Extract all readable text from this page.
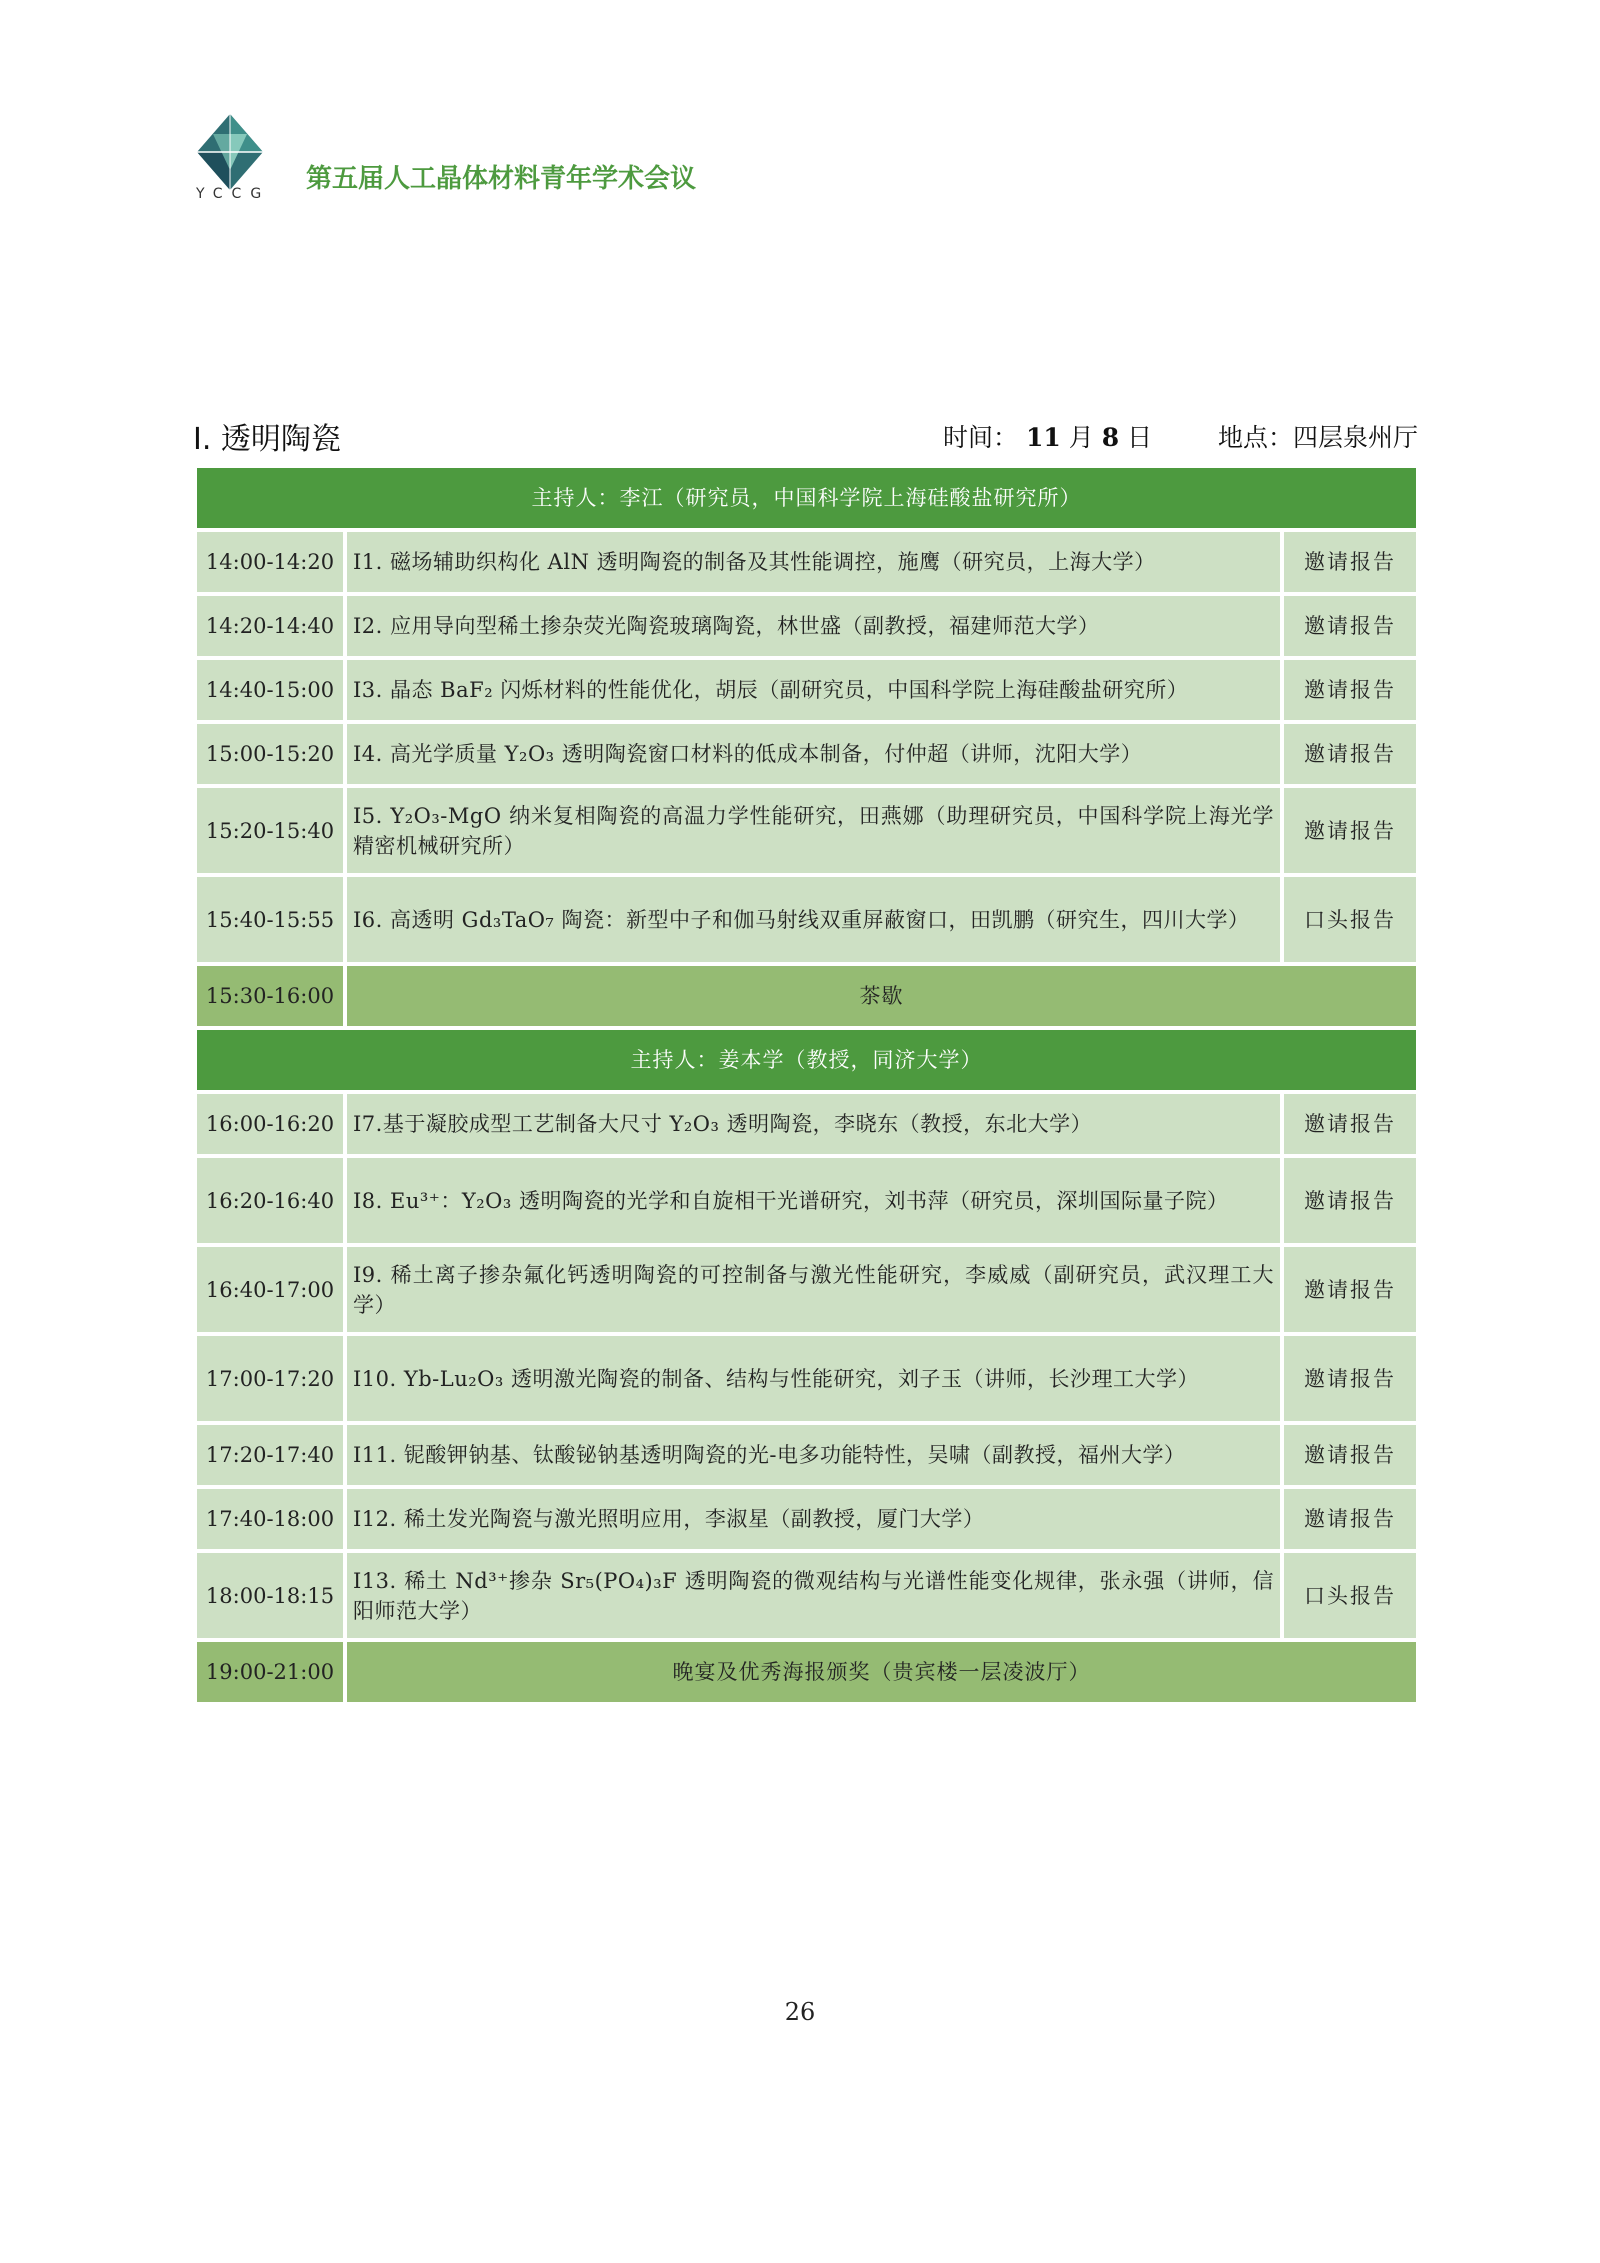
YCCG	第五届人工晶体材料青年学术会议
I. 透明陶瓷	时间： 11 月 8 日	地点：四层泉州厅
主持人：李江（研究员，中国科学院上海硅酸盐研究所）		
14:00-14:20	I1. 磁场辅助织构化 AlN 透明陶瓷的制备及其性能调控，施鹰（研究员，上海大学）	邀请报告
14:20-14:40	I2. 应用导向型稀土掺杂荧光陶瓷玻璃陶瓷，林世盛（副教授，福建师范大学）	邀请报告
14:40-15:00	I3. 晶态 BaF₂ 闪烁材料的性能优化，胡辰（副研究员，中国科学院上海硅酸盐研究所）	邀请报告
15:00-15:20	I4. 高光学质量 Y₂O₃ 透明陶瓷窗口材料的低成本制备，付仲超（讲师，沈阳大学）	邀请报告
15:20-15:40	I5. Y₂O₃-MgO 纳米复相陶瓷的高温力学性能研究，田燕娜（助理研究员，中国科学院上海光学精密机械研究所）	邀请报告
15:40-15:55	I6. 高透明 Gd₃TaO₇ 陶瓷：新型中子和伽马射线双重屏蔽窗口，田凯鹏（研究生，四川大学）	口头报告
15:30-16:00	茶歇	
主持人：姜本学（教授，同济大学）		
16:00-16:20	I7.基于凝胶成型工艺制备大尺寸 Y₂O₃ 透明陶瓷，李晓东（教授，东北大学）	邀请报告
16:20-16:40	I8. Eu³⁺：Y₂O₃ 透明陶瓷的光学和自旋相干光谱研究，刘书萍（研究员，深圳国际量子院）	邀请报告
16:40-17:00	I9. 稀土离子掺杂氟化钙透明陶瓷的可控制备与激光性能研究，李威威（副研究员，武汉理工大学）	邀请报告
17:00-17:20	I10. Yb-Lu₂O₃ 透明激光陶瓷的制备、结构与性能研究，刘子玉（讲师，长沙理工大学）	邀请报告
17:20-17:40	I11. 铌酸钾钠基、钛酸铋钠基透明陶瓷的光-电多功能特性，吴啸（副教授，福州大学）	邀请报告
17:40-18:00	I12. 稀土发光陶瓷与激光照明应用，李淑星（副教授，厦门大学）	邀请报告
18:00-18:15	I13. 稀土 Nd³⁺掺杂 Sr₅(PO₄)₃F 透明陶瓷的微观结构与光谱性能变化规律，张永强（讲师，信阳师范大学）	口头报告
19:00-21:00	晚宴及优秀海报颁奖（贵宾楼一层凌波厅）	
26
